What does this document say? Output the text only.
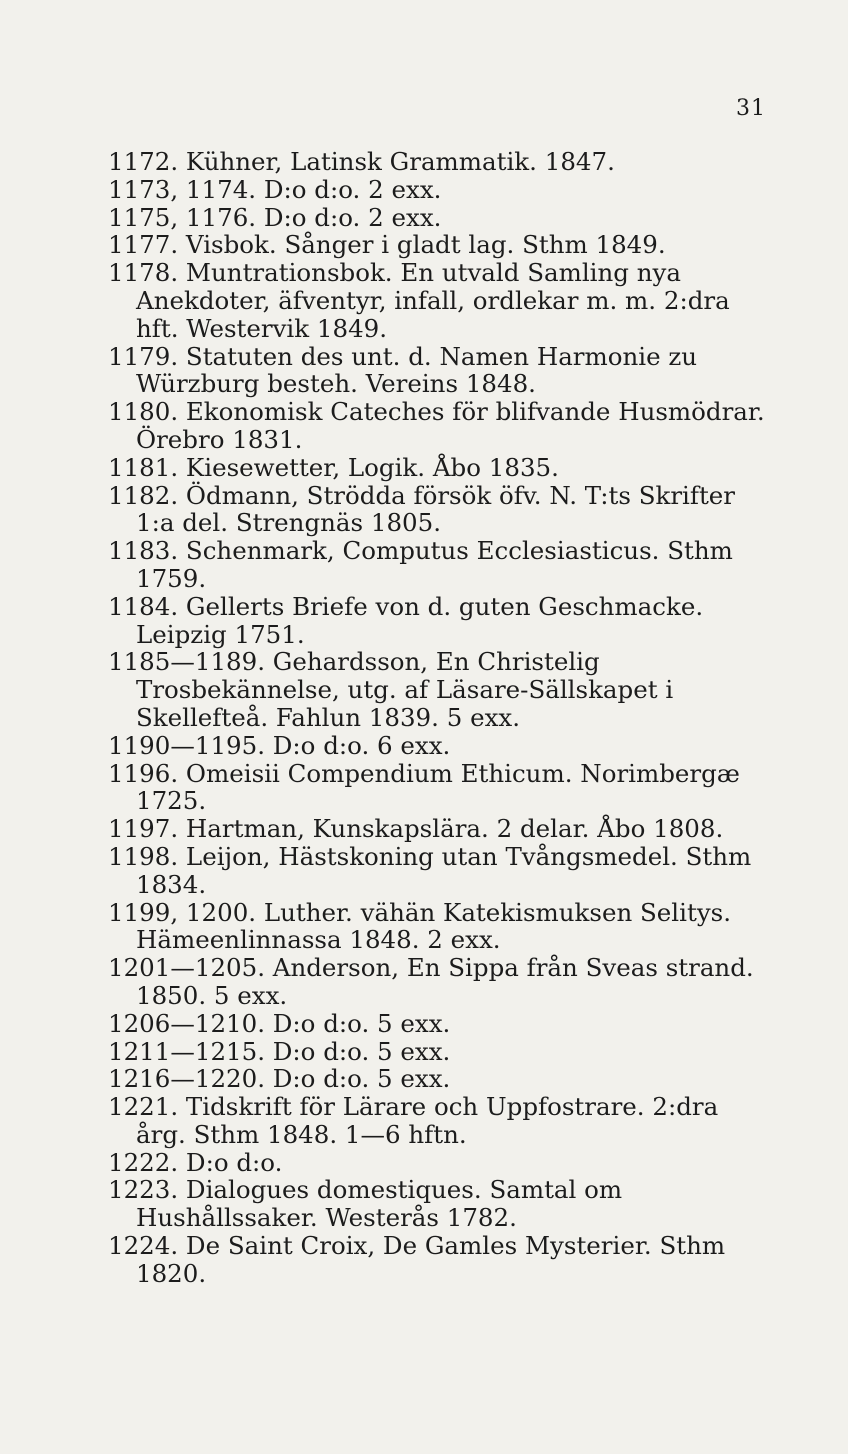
31

1172. Kühner, Latinsk Grammatik. 1847.

1173, 1174. D:o d:o. 2 exx.

1175, 1176. D:o d:o. 2 exx.

1177. Visbok. Sånger i gladt lag. Sthm 1849.

1178. Muntrationsbok. En utvald Samling nya Anekdoter, äfventyr, infall, ordlekar m. m. 2:dra hft. Westervik 1849.

1179. Statuten des unt. d. Namen Harmonie zu Würzburg besteh. Vereins 1848.

1180. Ekonomisk Cateches för blifvande Husmödrar. Örebro 1831.

1181. Kiesewetter, Logik. Åbo 1835.

1182. Ödmann, Strödda försök öfv. N. T:ts Skrifter 1:a del. Strengnäs 1805.

1183. Schenmark, Computus Ecclesiasticus. Sthm 1759.

1184. Gellerts Briefe von d. guten Geschmacke. Leipzig 1751.

1185—1189. Gehardsson, En Christelig Trosbekännelse, utg. af Läsare-Sällskapet i Skellefteå. Fahlun 1839. 5 exx.

1190—1195. D:o d:o. 6 exx.

1196. Omeisii Compendium Ethicum. Norimbergæ 1725.

1197. Hartman, Kunskapslära. 2 delar. Åbo 1808.

1198. Leijon, Hästskoning utan Tvångsmedel. Sthm 1834.

1199, 1200. Luther. vähän Katekismuksen Selitys. Hämeenlinnassa 1848. 2 exx.

1201—1205. Anderson, En Sippa från Sveas strand. 1850. 5 exx.

1206—1210. D:o d:o. 5 exx.

1211—1215. D:o d:o. 5 exx.

1216—1220. D:o d:o. 5 exx.

1221. Tidskrift för Lärare och Uppfostrare. 2:dra årg. Sthm 1848. 1—6 hftn.

1222. D:o d:o.

1223. Dialogues domestiques. Samtal om Hushållssaker. Westerås 1782.

1224. De Saint Croix, De Gamles Mysterier. Sthm 1820.
